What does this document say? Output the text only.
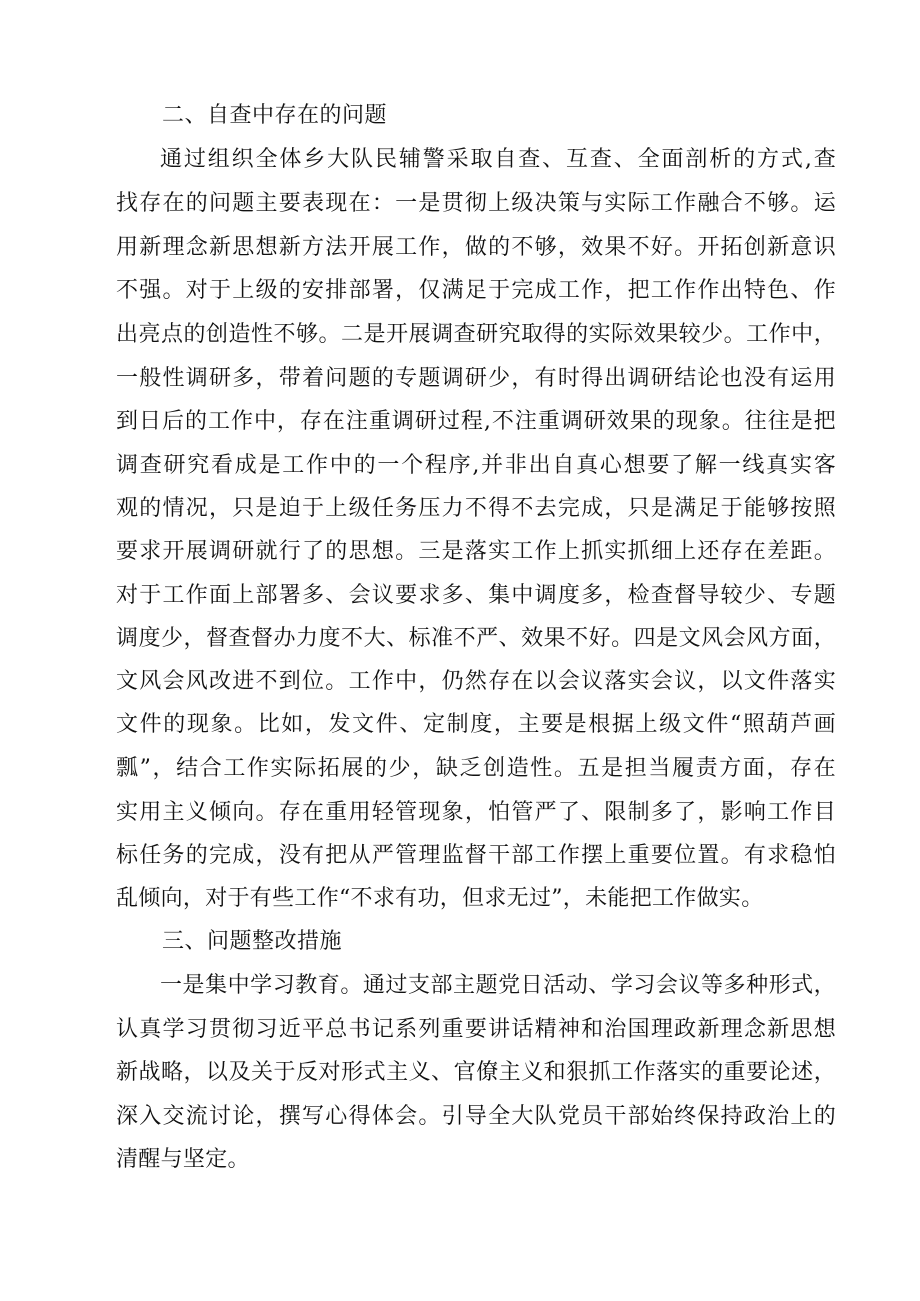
二、自查中存在的问题
通过组织全体乡大队民辅警采取自查、互查、全面剖析的方式,查
找存在的问题主要表现在：一是贯彻上级决策与实际工作融合不够。运
用新理念新思想新方法开展工作，做的不够，效果不好。开拓创新意识
不强。对于上级的安排部署，仅满足于完成工作，把工作作出特色、作
出亮点的创造性不够。二是开展调查研究取得的实际效果较少。工作中，
一般性调研多，带着问题的专题调研少，有时得出调研结论也没有运用
到日后的工作中，存在注重调研过程,不注重调研效果的现象。往往是把
调查研究看成是工作中的一个程序,并非出自真心想要了解一线真实客
观的情况，只是迫于上级任务压力不得不去完成，只是满足于能够按照
要求开展调研就行了的思想。三是落实工作上抓实抓细上还存在差距。
对于工作面上部署多、会议要求多、集中调度多，检查督导较少、专题
调度少，督查督办力度不大、标准不严、效果不好。四是文风会风方面，
文风会风改进不到位。工作中，仍然存在以会议落实会议，以文件落实
文件的现象。比如，发文件、定制度，主要是根据上级文件“照葫芦画
瓢”，结合工作实际拓展的少，缺乏创造性。五是担当履责方面，存在
实用主义倾向。存在重用轻管现象，怕管严了、限制多了，影响工作目
标任务的完成，没有把从严管理监督干部工作摆上重要位置。有求稳怕
乱倾向，对于有些工作“不求有功，但求无过”，未能把工作做实。
三、问题整改措施
一是集中学习教育。通过支部主题党日活动、学习会议等多种形式，
认真学习贯彻习近平总书记系列重要讲话精神和治国理政新理念新思想
新战略，以及关于反对形式主义、官僚主义和狠抓工作落实的重要论述，
深入交流讨论，撰写心得体会。引导全大队党员干部始终保持政治上的
清醒与坚定。
